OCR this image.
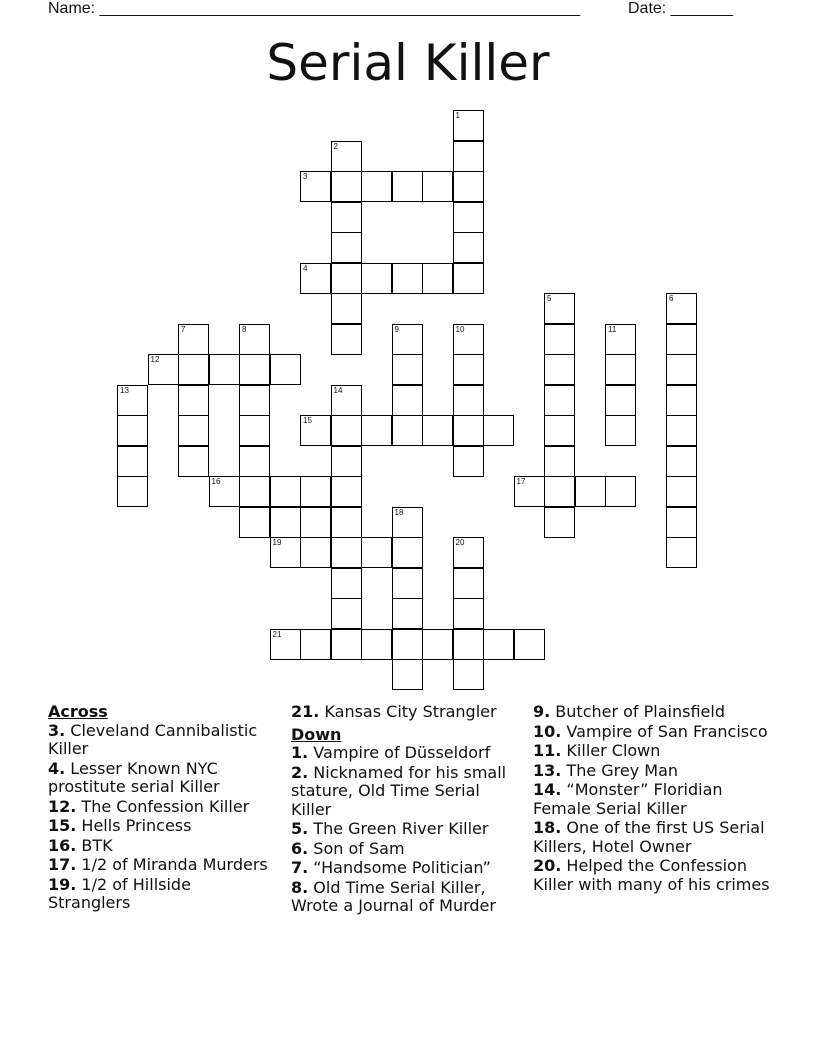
Name: ______________________________________________________	Date: _______
Serial Killer
1
2
3
4
5	6
7	8	9	10	11
12
13	14
15
16	17
18
19	20
21
Across
3. Cleveland Cannibalistic Killer
4. Lesser Known NYC prostitute serial Killer
12. The Confession Killer
15. Hells Princess
16. BTK
17. 1/2 of Miranda Murders
19. 1/2 of Hillside Stranglers
21. Kansas City Strangler
Down
1. Vampire of Düsseldorf
2. Nicknamed for his small stature, Old Time Serial Killer
5. The Green River Killer
6. Son of Sam
7. “Handsome Politician”
8. Old Time Serial Killer, Wrote a Journal of Murder
9. Butcher of Plainsfield
10. Vampire of San Francisco
11. Killer Clown
13. The Grey Man
14. “Monster” Floridian Female Serial Killer
18. One of the first US Serial Killers, Hotel Owner
20. Helped the Confession Killer with many of his crimes
